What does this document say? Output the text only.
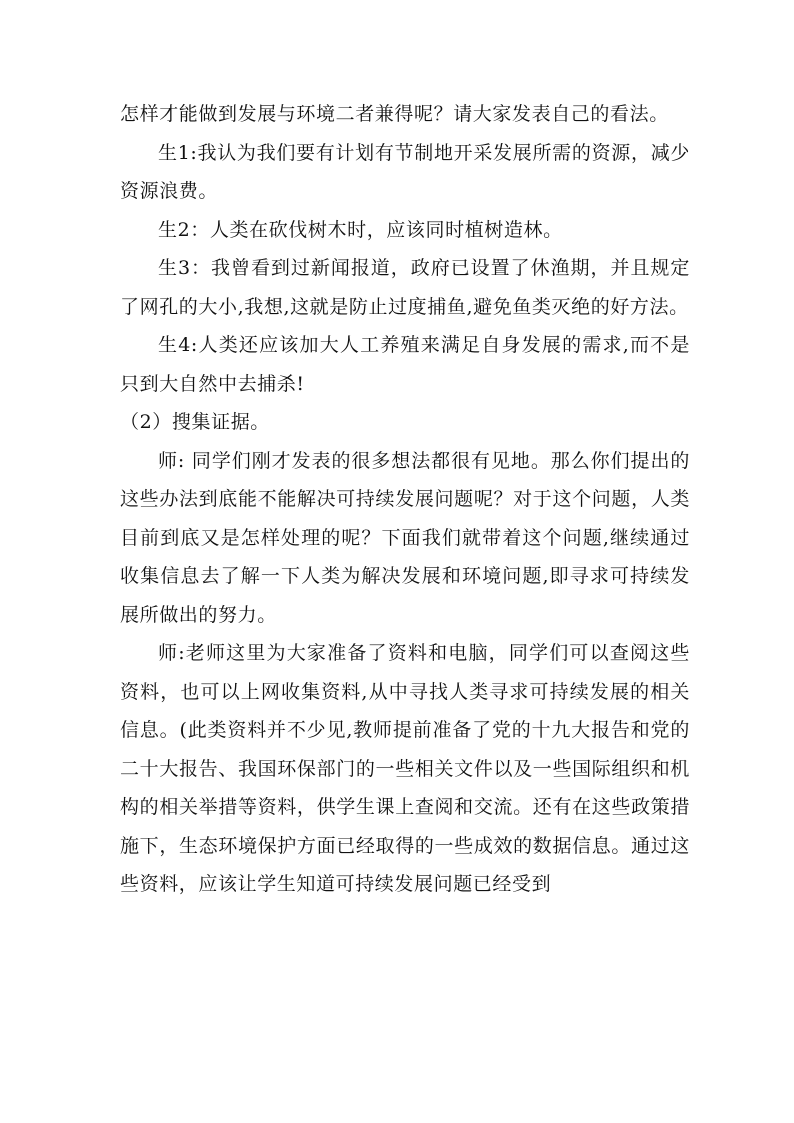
怎样才能做到发展与环境二者兼得呢？请大家发表自己的看法。

生1:我认为我们要有计划有节制地开采发展所需的资源，减少资源浪费。

生2：人类在砍伐树木时，应该同时植树造林。

生3：我曾看到过新闻报道，政府已设置了休渔期，并且规定了网孔的大小,我想,这就是防止过度捕鱼,避免鱼类灭绝的好方法。

生4:人类还应该加大人工养殖来满足自身发展的需求,而不是只到大自然中去捕杀!

（2）搜集证据。

师: 同学们刚才发表的很多想法都很有见地。那么你们提出的这些办法到底能不能解决可持续发展问题呢？对于这个问题，人类目前到底又是怎样处理的呢？下面我们就带着这个问题,继续通过收集信息去了解一下人类为解决发展和环境问题,即寻求可持续发展所做出的努力。

师:老师这里为大家准备了资料和电脑，同学们可以查阅这些资料，也可以上网收集资料,从中寻找人类寻求可持续发展的相关信息。(此类资料并不少见,教师提前准备了党的十九大报告和党的二十大报告、我国环保部门的一些相关文件以及一些国际组织和机构的相关举措等资料，供学生课上查阅和交流。还有在这些政策措施下，生态环境保护方面已经取得的一些成效的数据信息。通过这些资料，应该让学生知道可持续发展问题已经受到
